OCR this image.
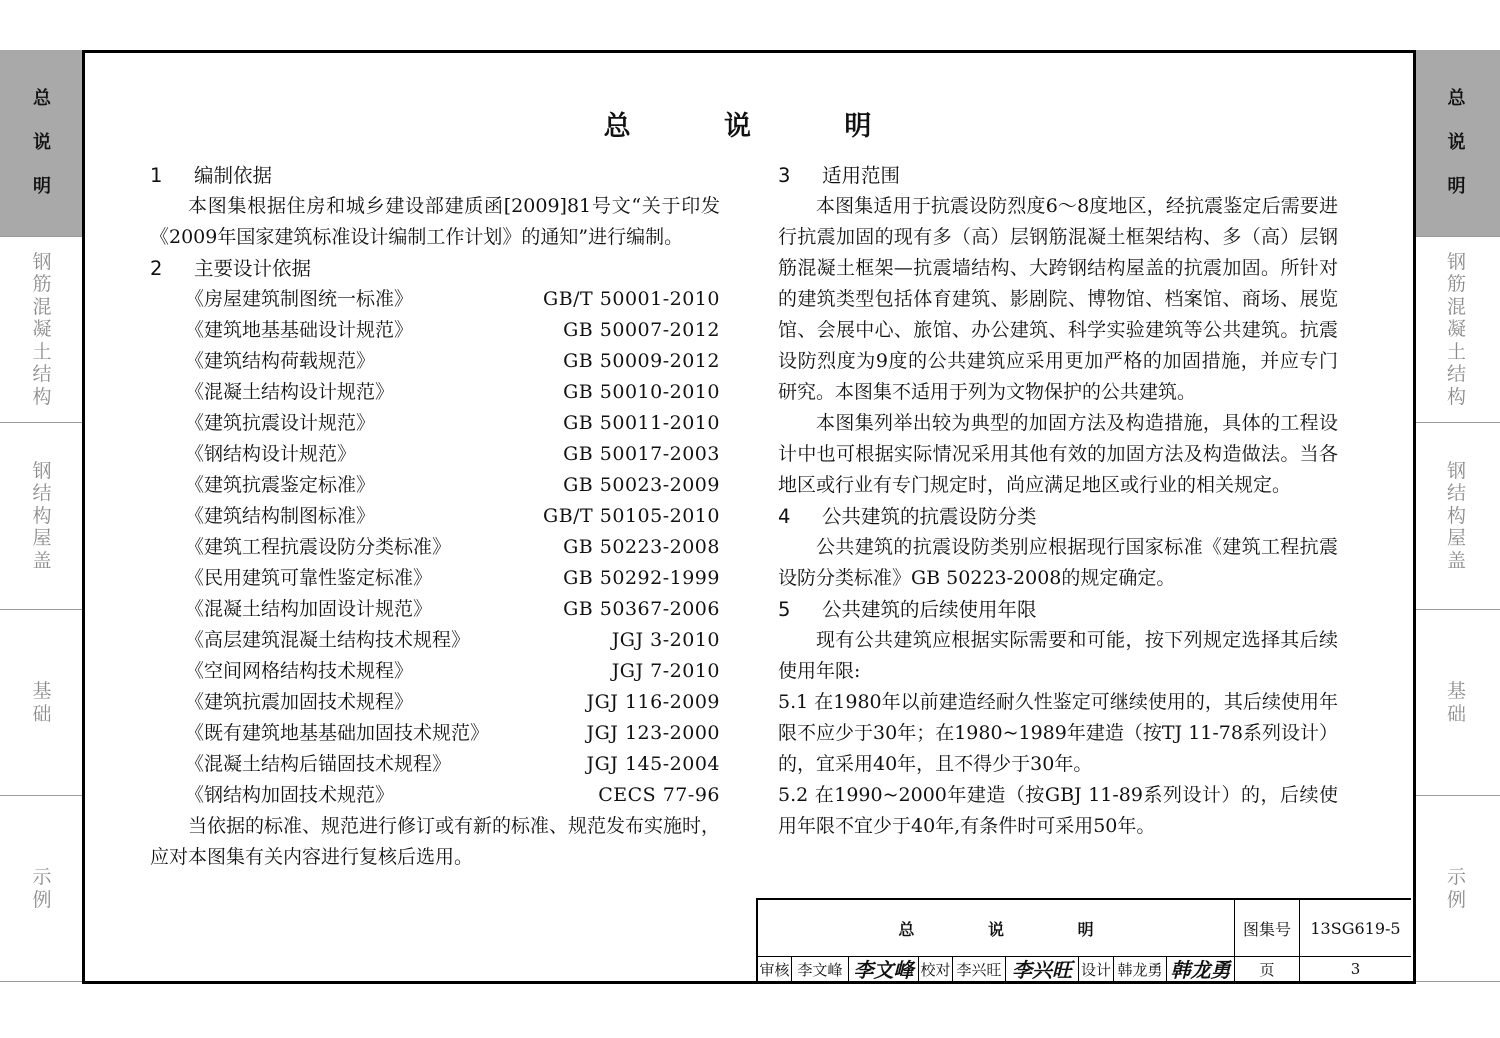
总
说
明
钢
筋
混
凝
土
结
构
钢
结
构
屋
盖
基
础
示
例
总
说
明
钢
筋
混
凝
土
结
构
钢
结
构
屋
盖
基
础
示
例
总 说 明
1 编制依据
本图集根据住房和城乡建设部建质函[2009]81号文“关于印发《2009年国家建筑标准设计编制工作计划》的通知”进行编制。
2 主要设计依据
《房屋建筑制图统一标准》	GB/T 50001-2010
《建筑地基基础设计规范》	GB 50007-2012
《建筑结构荷载规范》	GB 50009-2012
《混凝土结构设计规范》	GB 50010-2010
《建筑抗震设计规范》	GB 50011-2010
《钢结构设计规范》	GB 50017-2003
《建筑抗震鉴定标准》	GB 50023-2009
《建筑结构制图标准》	GB/T 50105-2010
《建筑工程抗震设防分类标准》	GB 50223-2008
《民用建筑可靠性鉴定标准》	GB 50292-1999
《混凝土结构加固设计规范》	GB 50367-2006
《高层建筑混凝土结构技术规程》	JGJ 3-2010
《空间网格结构技术规程》	JGJ 7-2010
《建筑抗震加固技术规程》	JGJ 116-2009
《既有建筑地基基础加固技术规范》	JGJ 123-2000
《混凝土结构后锚固技术规程》	JGJ 145-2004
《钢结构加固技术规范》	CECS 77-96
当依据的标准、规范进行修订或有新的标准、规范发布实施时，应对本图集有关内容进行复核后选用。
3 适用范围
本图集适用于抗震设防烈度6～8度地区，经抗震鉴定后需要进行抗震加固的现有多（高）层钢筋混凝土框架结构、多（高）层钢筋混凝土框架—抗震墙结构、大跨钢结构屋盖的抗震加固。所针对的建筑类型包括体育建筑、影剧院、博物馆、档案馆、商场、展览馆、会展中心、旅馆、办公建筑、科学实验建筑等公共建筑。抗震设防烈度为9度的公共建筑应采用更加严格的加固措施，并应专门研究。本图集不适用于列为文物保护的公共建筑。
本图集列举出较为典型的加固方法及构造措施，具体的工程设计中也可根据实际情况采用其他有效的加固方法及构造做法。当各地区或行业有专门规定时，尚应满足地区或行业的相关规定。
4 公共建筑的抗震设防分类
公共建筑的抗震设防类别应根据现行国家标准《建筑工程抗震设防分类标准》GB 50223-2008的规定确定。
5 公共建筑的后续使用年限
现有公共建筑应根据实际需要和可能，按下列规定选择其后续使用年限:
5.1 在1980年以前建造经耐久性鉴定可继续使用的，其后续使用年限不应少于30年；在1980~1989年建造（按TJ 11-78系列设计）的，宜采用40年，且不得少于30年。
5.2 在1990~2000年建造（按GBJ 11-89系列设计）的，后续使用年限不宜少于40年,有条件时可采用50年。
总 说 明	图集号	13SG619-5
审核 李文峰 李文峰 校对 李兴旺 李兴旺 设计 韩龙勇 韩龙勇	页	3
